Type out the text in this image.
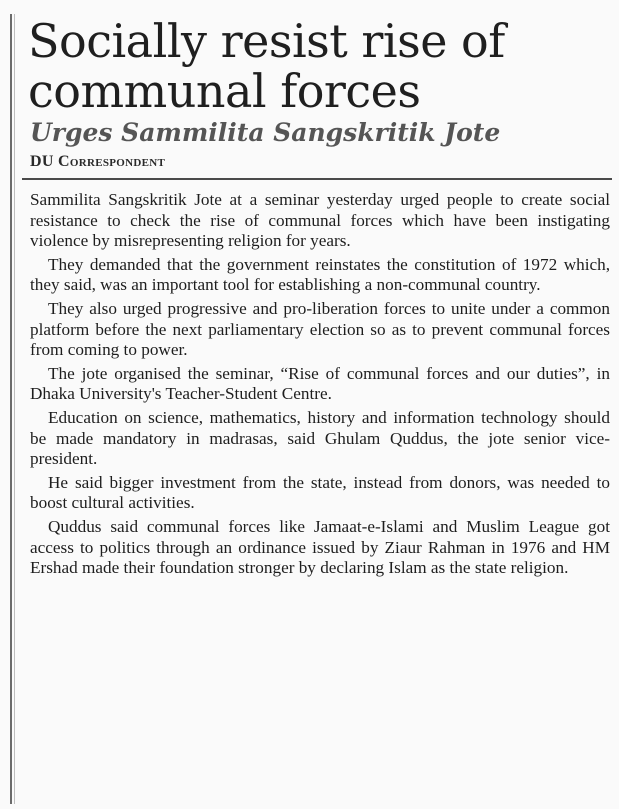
Socially resist rise of communal forces
Urges Sammilita Sangskritik Jote
DU Correspondent

Sammilita Sangskritik Jote at a seminar yesterday urged people to create social resistance to check the rise of communal forces which have been instigating violence by misrepresenting religion for years.

They demanded that the government reinstates the constitution of 1972 which, they said, was an important tool for establishing a non-communal country.

They also urged progressive and pro-liberation forces to unite under a common platform before the next parliamentary election so as to prevent communal forces from coming to power.

The jote organised the seminar, “Rise of communal forces and our duties”, in Dhaka University's Teacher-Student Centre.

Education on science, mathematics, history and information technology should be made mandatory in madrasas, said Ghulam Quddus, the jote senior vice-president.

He said bigger investment from the state, instead from donors, was needed to boost cultural activities.

Quddus said communal forces like Jamaat-e-Islami and Muslim League got access to politics through an ordinance issued by Ziaur Rahman in 1976 and HM Ershad made their foundation stronger by declaring Islam as the state religion.
